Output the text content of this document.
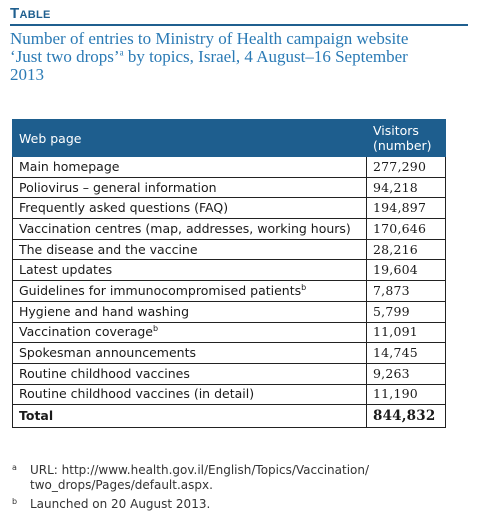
Table
Number of entries to Ministry of Health campaign website
‘Just two drops’$^a$ by topics, Israel, 4 August–16 September
2013
Web page	Visitors
(number)

Main homepage	277,290
Poliovirus – general information	94,218
Frequently asked questions (FAQ)	194,897
Vaccination centres (map, addresses, working hours)	170,646
The disease and the vaccine	28,216
Latest updates	19,604
Guidelines for immunocompromised patients$^b$	7,873
Hygiene and hand washing	5,799
Vaccination coverage$^b$	11,091
Spokesman announcements	14,745
Routine childhood vaccines	9,263
Routine childhood vaccines (in detail)	11,190
Total	844,832
a URL: http://www.health.gov.il/English/Topics/Vaccination/
two_drops/Pages/default.aspx.
b Launched on 20 August 2013.
